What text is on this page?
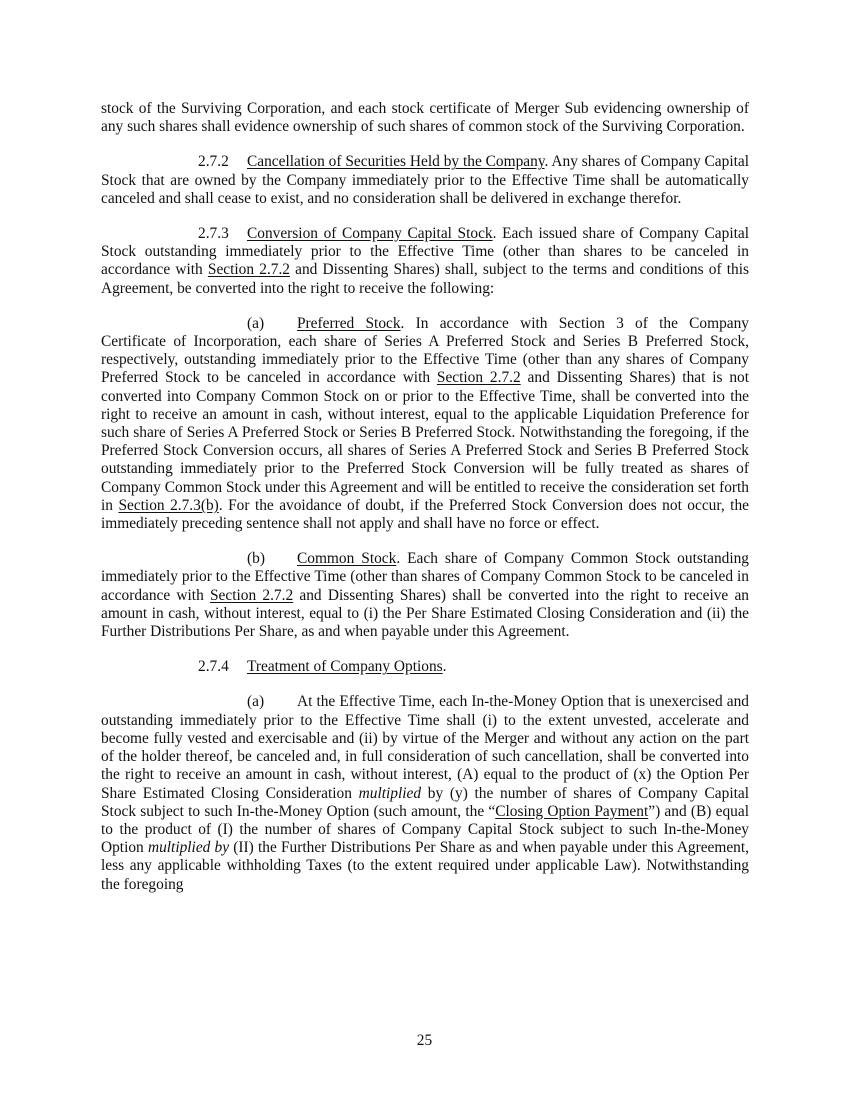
stock of the Surviving Corporation, and each stock certificate of Merger Sub evidencing ownership of any such shares shall evidence ownership of such shares of common stock of the Surviving Corporation.

2.7.2 Cancellation of Securities Held by the Company. Any shares of Company Capital Stock that are owned by the Company immediately prior to the Effective Time shall be automatically canceled and shall cease to exist, and no consideration shall be delivered in exchange therefor.

2.7.3 Conversion of Company Capital Stock. Each issued share of Company Capital Stock outstanding immediately prior to the Effective Time (other than shares to be canceled in accordance with Section 2.7.2 and Dissenting Shares) shall, subject to the terms and conditions of this Agreement, be converted into the right to receive the following:

(a) Preferred Stock. In accordance with Section 3 of the Company Certificate of Incorporation, each share of Series A Preferred Stock and Series B Preferred Stock, respectively, outstanding immediately prior to the Effective Time (other than any shares of Company Preferred Stock to be canceled in accordance with Section 2.7.2 and Dissenting Shares) that is not converted into Company Common Stock on or prior to the Effective Time, shall be converted into the right to receive an amount in cash, without interest, equal to the applicable Liquidation Preference for such share of Series A Preferred Stock or Series B Preferred Stock. Notwithstanding the foregoing, if the Preferred Stock Conversion occurs, all shares of Series A Preferred Stock and Series B Preferred Stock outstanding immediately prior to the Preferred Stock Conversion will be fully treated as shares of Company Common Stock under this Agreement and will be entitled to receive the consideration set forth in Section 2.7.3(b). For the avoidance of doubt, if the Preferred Stock Conversion does not occur, the immediately preceding sentence shall not apply and shall have no force or effect.

(b) Common Stock. Each share of Company Common Stock outstanding immediately prior to the Effective Time (other than shares of Company Common Stock to be canceled in accordance with Section 2.7.2 and Dissenting Shares) shall be converted into the right to receive an amount in cash, without interest, equal to (i) the Per Share Estimated Closing Consideration and (ii) the Further Distributions Per Share, as and when payable under this Agreement.

2.7.4 Treatment of Company Options.

(a) At the Effective Time, each In-the-Money Option that is unexercised and outstanding immediately prior to the Effective Time shall (i) to the extent unvested, accelerate and become fully vested and exercisable and (ii) by virtue of the Merger and without any action on the part of the holder thereof, be canceled and, in full consideration of such cancellation, shall be converted into the right to receive an amount in cash, without interest, (A) equal to the product of (x) the Option Per Share Estimated Closing Consideration multiplied by (y) the number of shares of Company Capital Stock subject to such In-the-Money Option (such amount, the “Closing Option Payment”) and (B) equal to the product of (I) the number of shares of Company Capital Stock subject to such In-the-Money Option multiplied by (II) the Further Distributions Per Share as and when payable under this Agreement, less any applicable withholding Taxes (to the extent required under applicable Law). Notwithstanding the foregoing

25
